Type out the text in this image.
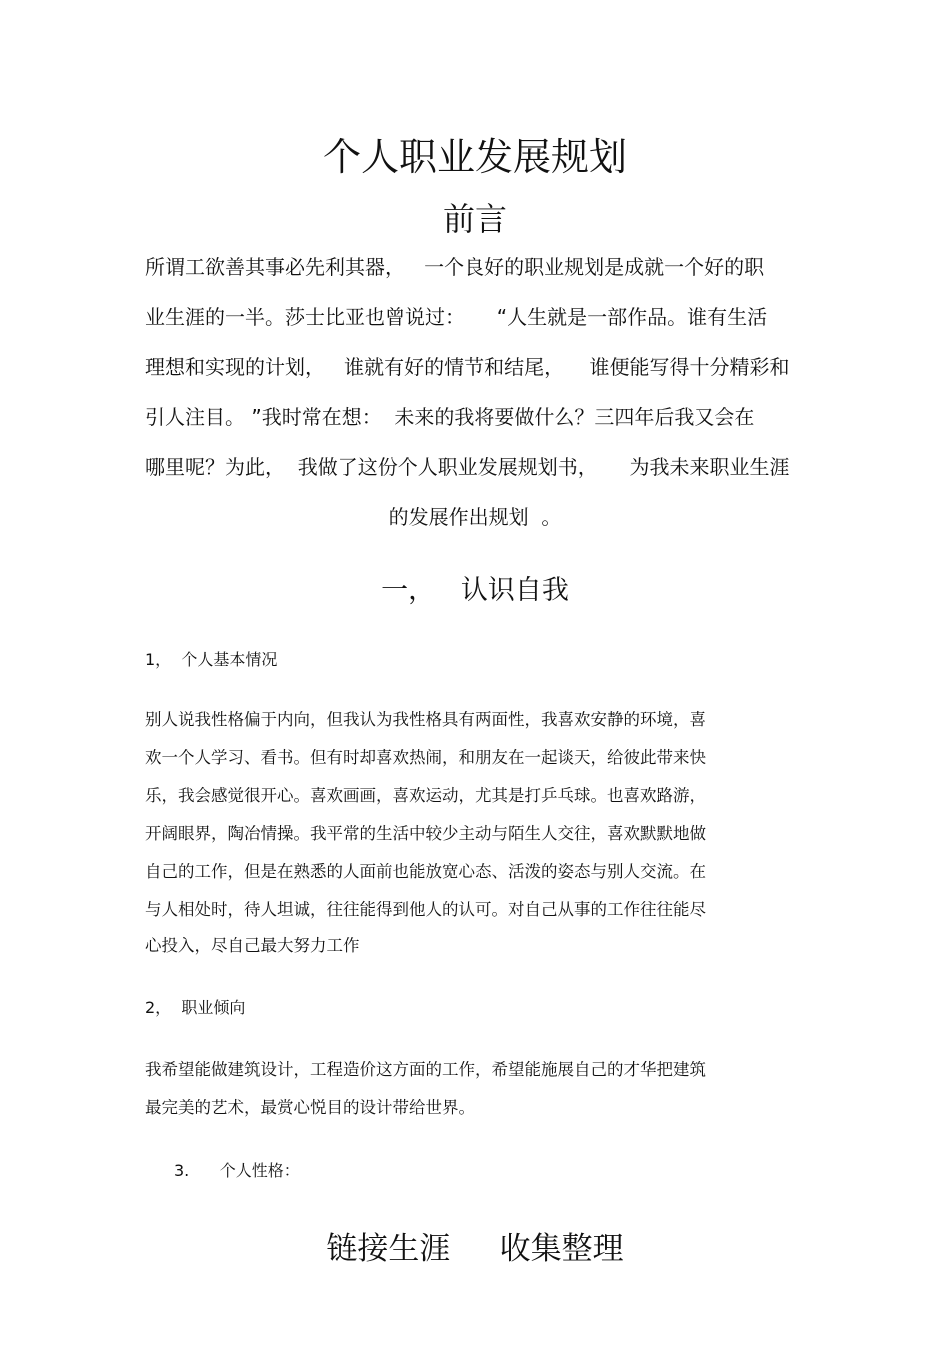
个人职业发展规划
前言
所谓工欲善其事必先利其器，   一个良好的职业规划是成就一个好的职
业生涯的一半。莎士比亚也曾说过：     “人生就是一部作品。谁有生活
理想和实现的计划，   谁就有好的情节和结尾，    谁便能写得十分精彩和
引人注目。 ”我时常在想：  未来的我将要做什么？三四年后我又会在
哪里呢？为此，  我做了这份个人职业发展规划书，     为我未来职业生涯
的发展作出规划  。
一，   认识自我
1，  个人基本情况
别人说我性格偏于内向，但我认为我性格具有两面性，我喜欢安静的环境，喜
欢一个人学习、看书。但有时却喜欢热闹，和朋友在一起谈天，给彼此带来快
乐，我会感觉很开心。喜欢画画，喜欢运动，尤其是打乒乓球。也喜欢路游，
开阔眼界，陶冶情操。我平常的生活中较少主动与陌生人交往，喜欢默默地做
自己的工作，但是在熟悉的人面前也能放宽心态、活泼的姿态与别人交流。在
与人相处时，待人坦诚，往往能得到他人的认可。对自己从事的工作往往能尽
心投入，尽自己最大努力工作
2，  职业倾向
我希望能做建筑设计，工程造价这方面的工作，希望能施展自己的才华把建筑
最完美的艺术，最赏心悦目的设计带给世界。
3.      个人性格：
链接生涯     收集整理
